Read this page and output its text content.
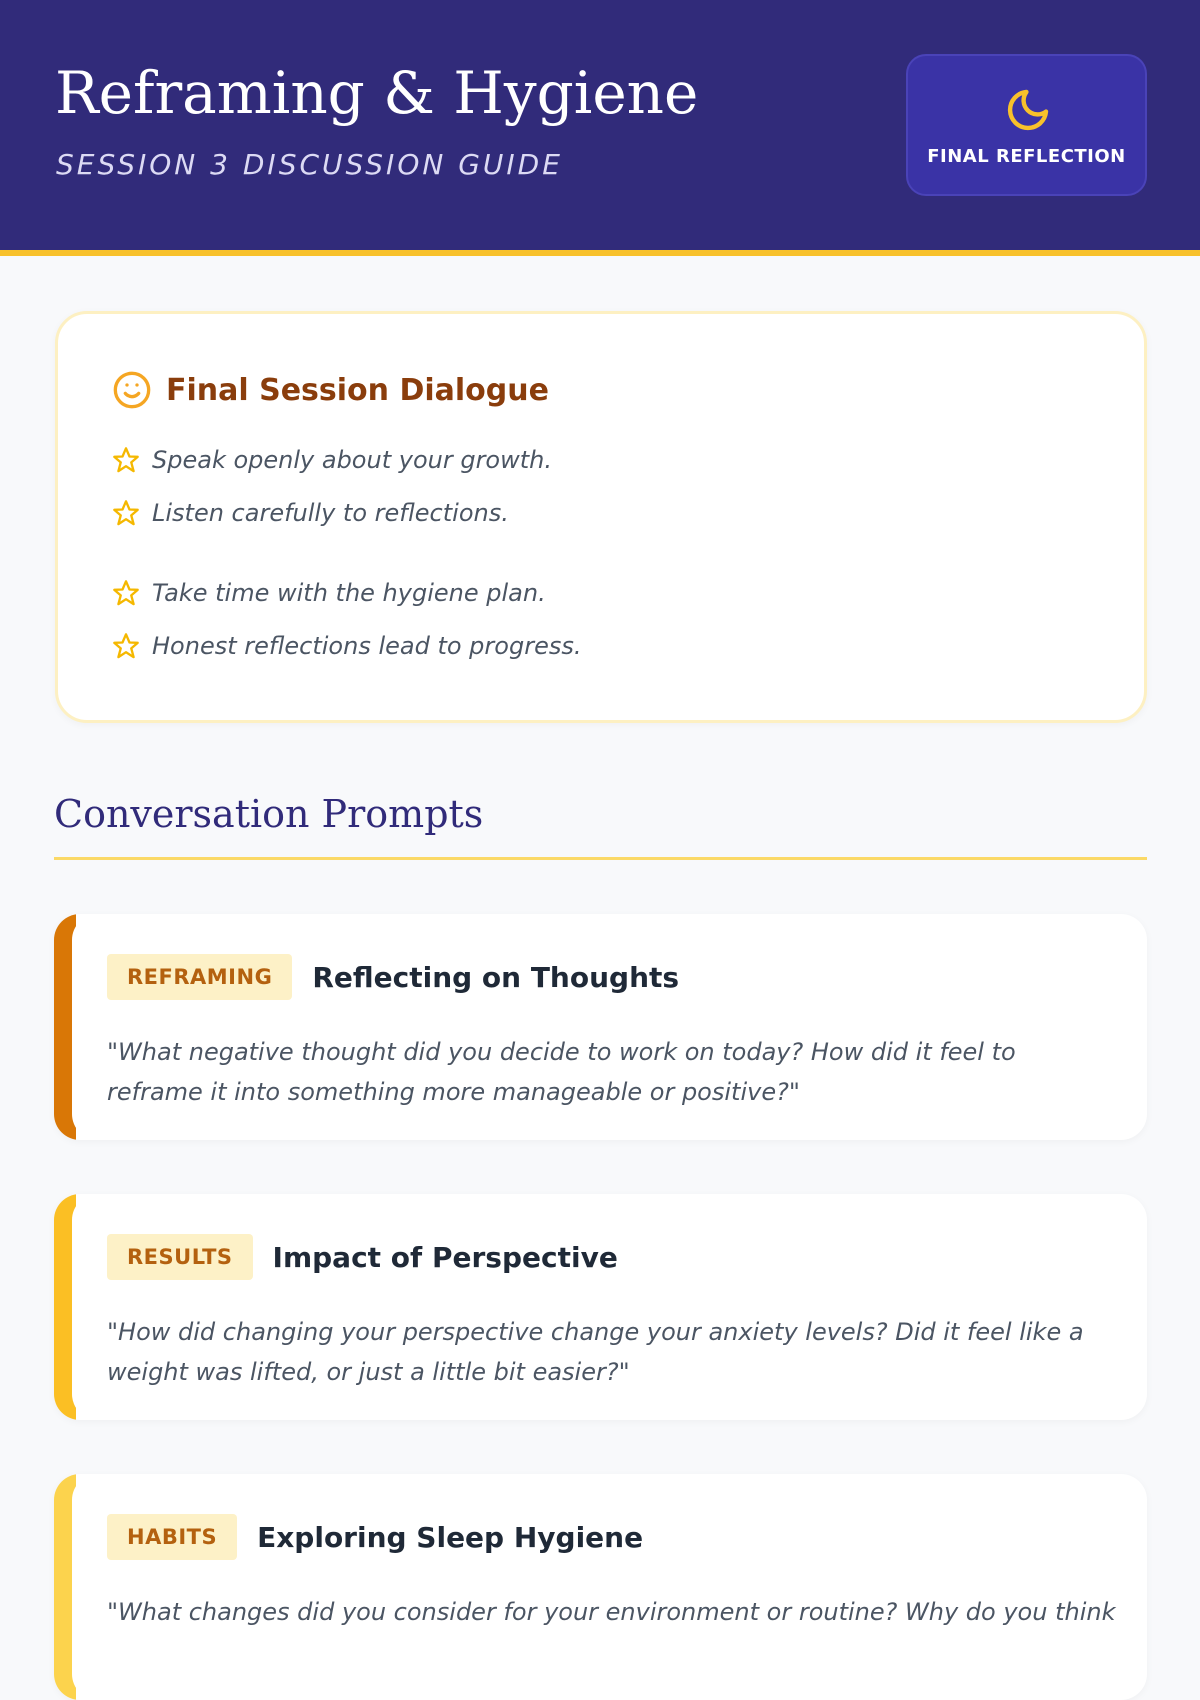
Reframing & Hygiene
SESSION 3 DISCUSSION GUIDE	FINAL REFLECTION
Final Session Dialogue
Speak openly about your growth.
Listen carefully to reflections.
Take time with the hygiene plan.
Honest reflections lead to progress.
Conversation Prompts
REFRAMING	Reflecting on Thoughts
"What negative thought did you decide to work on today? How did it feel to reframe it into something more manageable or positive?"
RESULTS	Impact of Perspective
"How did changing your perspective change your anxiety levels? Did it feel like a weight was lifted, or just a little bit easier?"
HABITS	Exploring Sleep Hygiene
"What changes did you consider for your environment or routine? Why do you think
